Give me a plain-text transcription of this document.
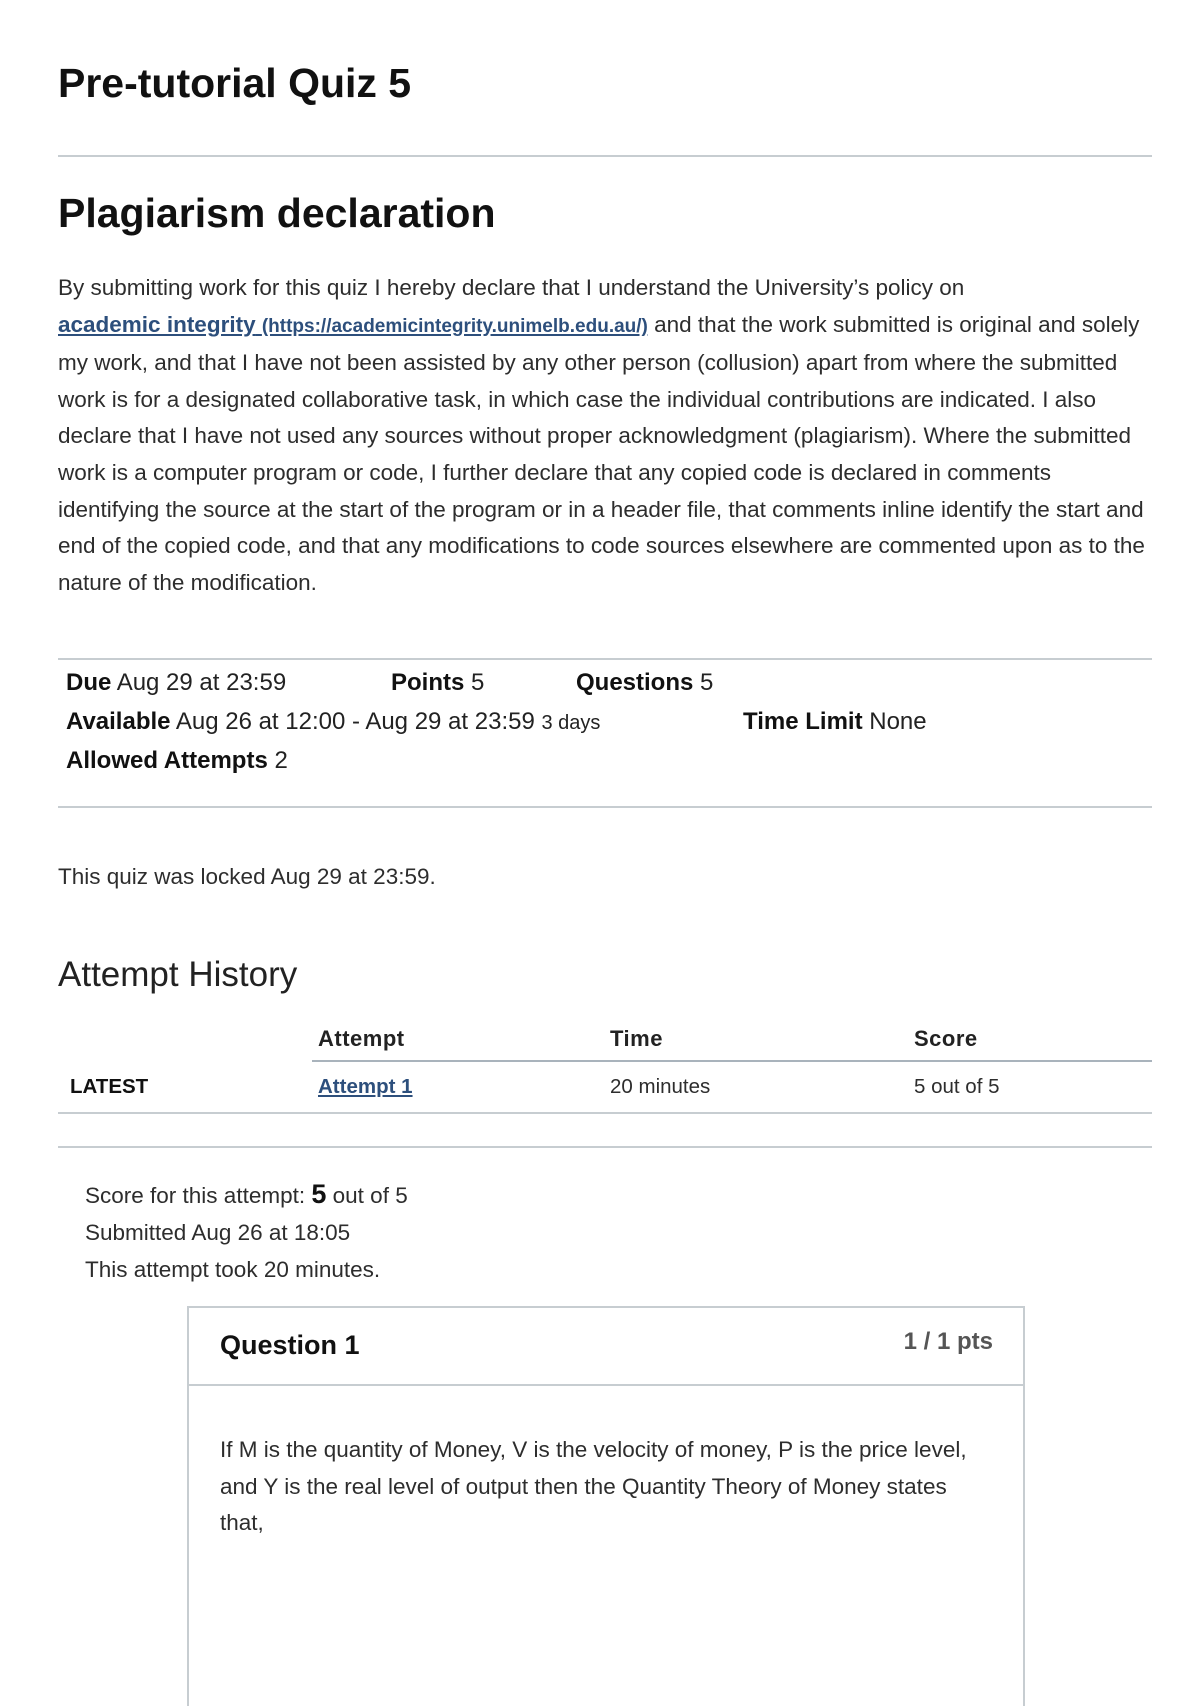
Pre-tutorial Quiz 5
Plagiarism declaration

By submitting work for this quiz I hereby declare that I understand the University’s policy on
academic integrity (https://academicintegrity.unimelb.edu.au/) and that the work submitted is original and solely my work, and that I have not been assisted by any other person (collusion) apart from where the submitted work is for a designated collaborative task, in which case the individual contributions are indicated. I also declare that I have not used any sources without proper acknowledgment (plagiarism). Where the submitted work is a computer program or code, I further declare that any copied code is declared in comments identifying the source at the start of the program or in a header file, that comments inline identify the start and end of the copied code, and that any modifications to code sources elsewhere are commented upon as to the nature of the modification.

Due Aug 29 at 23:59	Points 5	Questions 5
Available Aug 26 at 12:00 - Aug 29 at 23:59 3 days	Time Limit None
Allowed Attempts 2

This quiz was locked Aug 29 at 23:59.

Attempt History
	Attempt	Time	Score
LATEST	Attempt 1	20 minutes	5 out of 5
Score for this attempt: 5 out of 5
Submitted Aug 26 at 18:05
This attempt took 20 minutes.
Question 1	1 / 1 pts

If M is the quantity of Money, V is the velocity of money, P is the price level, and Y is the real level of output then the Quantity Theory of Money states that,
